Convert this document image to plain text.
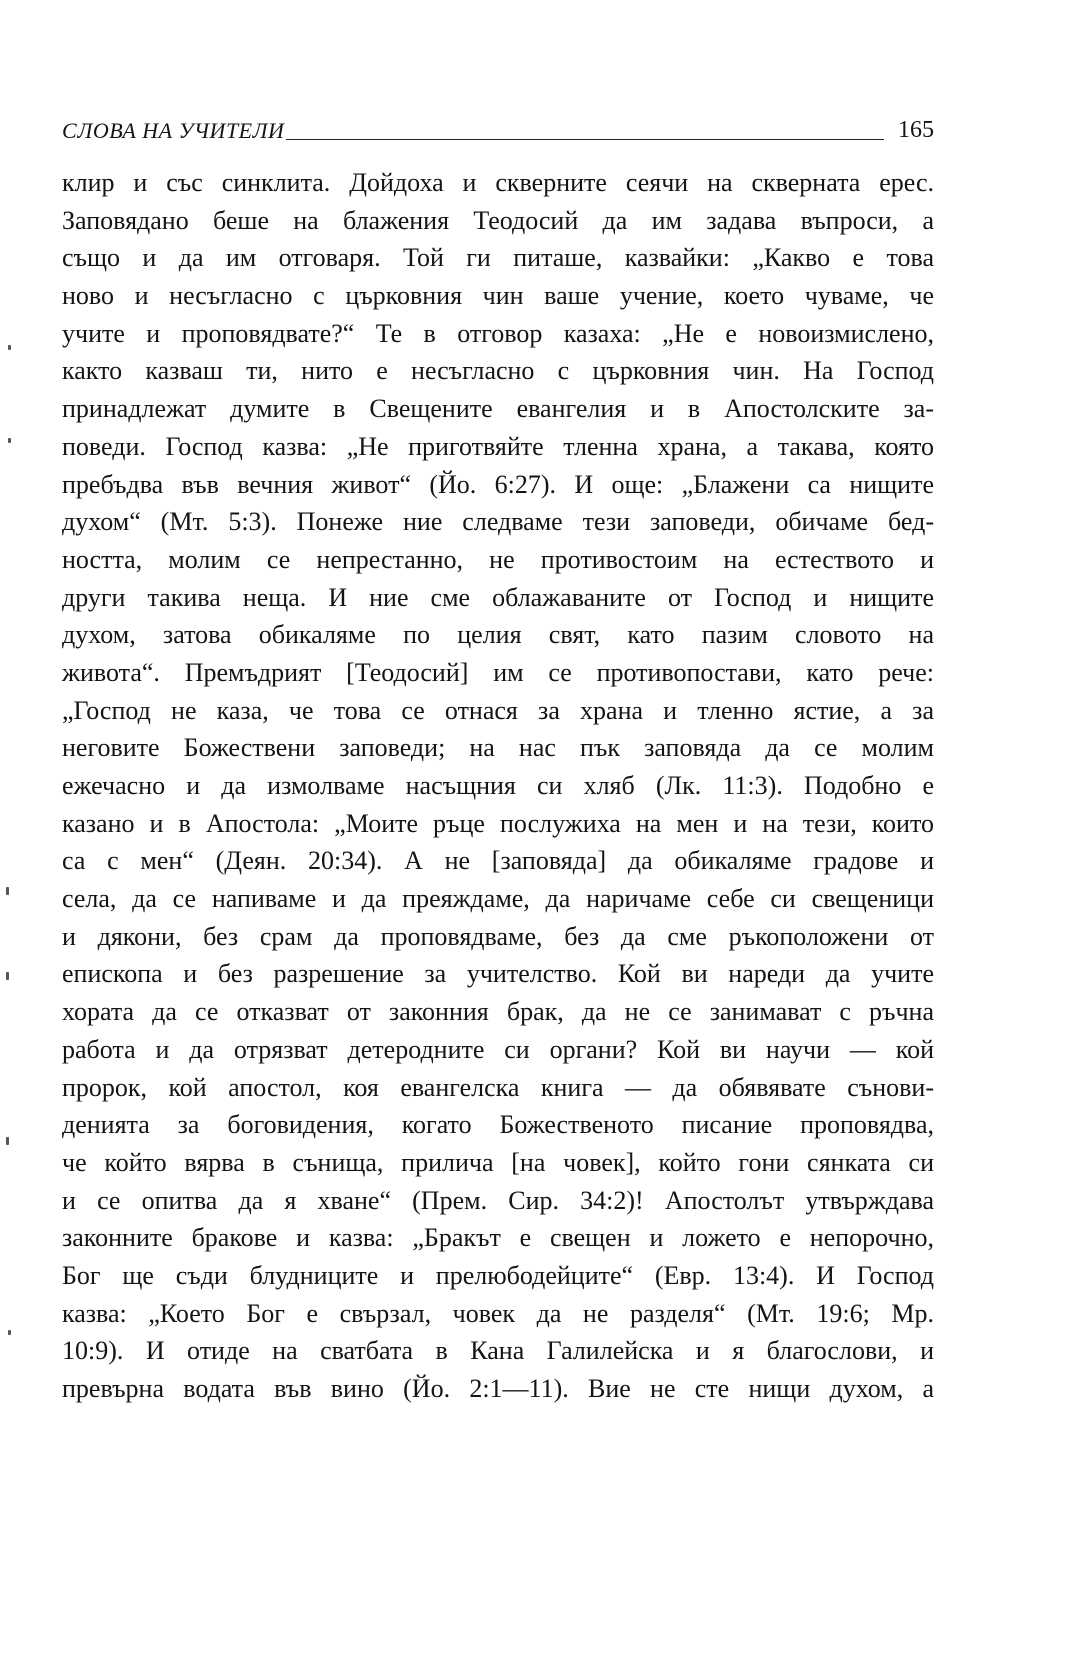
СЛОВА НА УЧИТЕЛИ	165
клир и със синклита. Дойдоха и скверните сеячи на скверната ерес.
Заповядано беше на блажения Теодосий да им задава въпроси, а
също и да им отговаря. Той ги питаше, казвайки: „Какво е това
ново и несъгласно с църковния чин ваше учение, което чуваме, че
учите и проповядвате?“ Те в отговор казаха: „Не е новоизмислено,
както казваш ти, нито е несъгласно с църковния чин. На Господ
принадлежат думите в Свещените евангелия и в Апостолските за-
поведи. Господ казва: „Не приготвяйте тленна храна, а такава, която
пребъдва във вечния живот“ (Йо. 6:27). И още: „Блажени са нищите
духом“ (Мт. 5:3). Понеже ние следваме тези заповеди, обичаме бед-
ността, молим се непрестанно, не противостоим на естеството и
други такива неща. И ние сме облажаваните от Господ и нищите
духом, затова обикаляме по целия свят, като пазим словото на
живота“. Премъдрият [Теодосий] им се противопостави, като рече:
„Господ не каза, че това се отнася за храна и тленно ястие, а за
неговите Божествени заповеди; на нас пък заповяда да се молим
ежечасно и да измолваме насъщния си хляб (Лк. 11:3). Подобно е
казано и в Апостола: „Моите ръце послужиха на мен и на тези, които
са с мен“ (Деян. 20:34). А не [заповяда] да обикаляме градове и
села, да се напиваме и да преяждаме, да наричаме себе си свещеници
и дякони, без срам да проповядваме, без да сме ръкоположени от
епископа и без разрешение за учителство. Кой ви нареди да учите
хората да се отказват от законния брак, да не се занимават с ръчна
работа и да отрязват детеродните си органи? Кой ви научи — кой
пророк, кой апостол, коя евангелска книга — да обявявате сънови-
денията за боговидения, когато Божественото писание проповядва,
че който вярва в сънища, прилича [на човек], който гони сянката си
и се опитва да я хване“ (Прем. Сир. 34:2)! Апостолът утвърждава
законните бракове и казва: „Бракът е свещен и ложето е непорочно,
Бог ще съди блудниците и прелюбодейците“ (Евр. 13:4). И Господ
казва: „Което Бог е свързал, човек да не разделя“ (Мт. 19:6; Мр.
10:9). И отиде на сватбата в Кана Галилейска и я благослови, и
превърна водата във вино (Йо. 2:1—11). Вие не сте нищи духом, а
